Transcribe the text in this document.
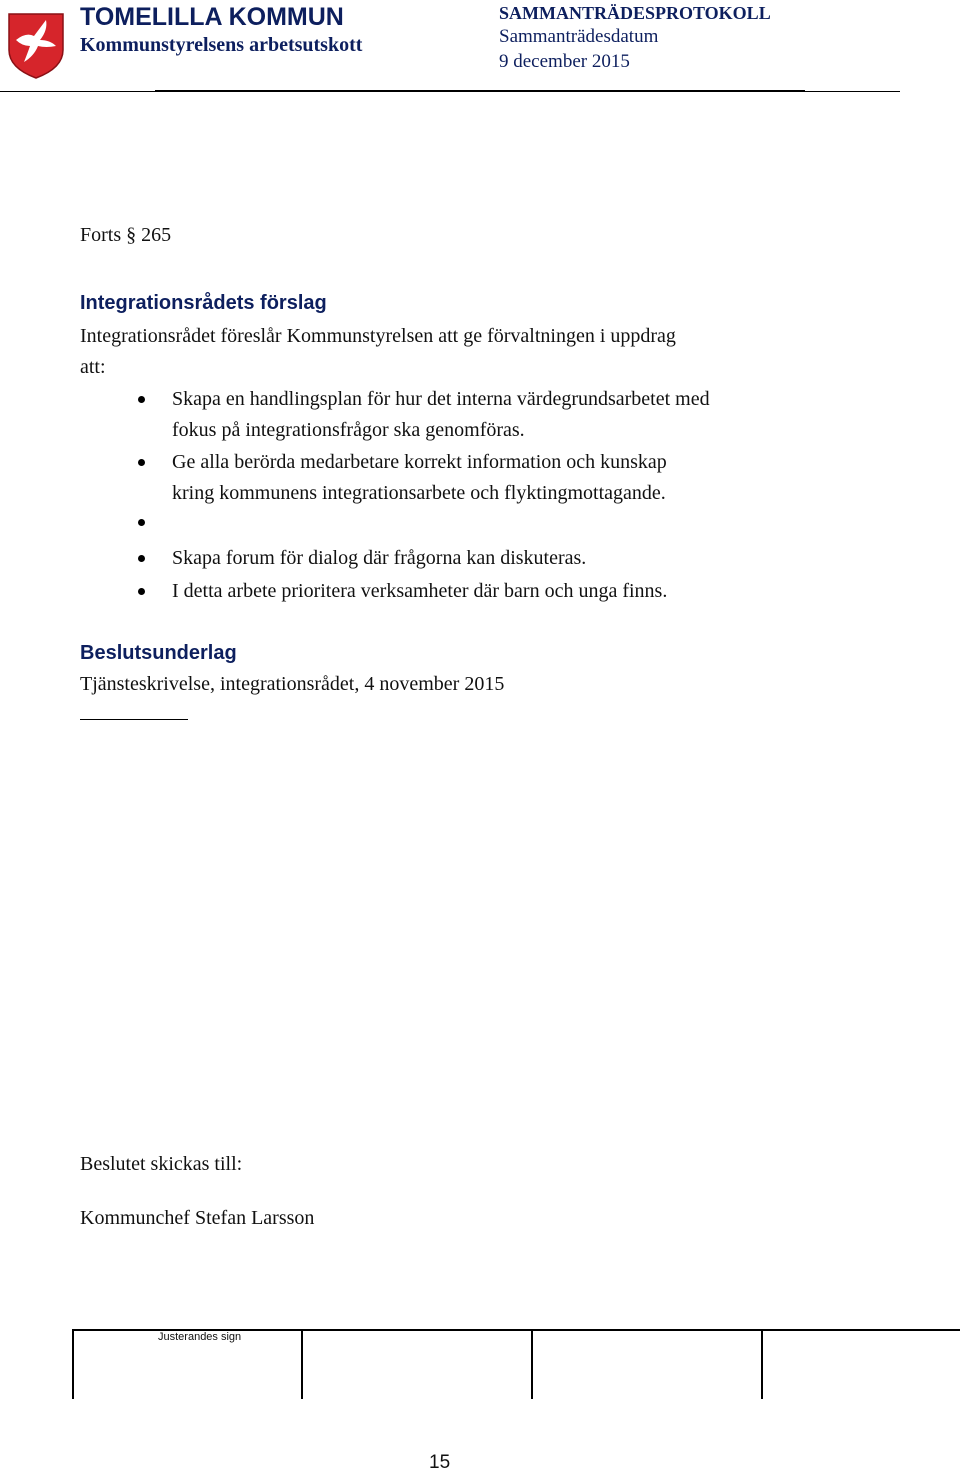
TOMELILLA KOMMUN
Kommunstyrelsens arbetsutskott
SAMMANTRÄDESPROTOKOLL
Sammanträdesdatum
9 december 2015
Forts § 265
Integrationsrådets förslag
Integrationsrådet föreslår Kommunstyrelsen att ge förvaltningen i uppdrag
att:
Skapa en handlingsplan för hur det interna värdegrundsarbetet med
fokus på integrationsfrågor ska genomföras.
Ge alla berörda medarbetare korrekt information och kunskap
kring kommunens integrationsarbete och flyktingmottagande.
Skapa forum för dialog där frågorna kan diskuteras.
I detta arbete prioritera verksamheter där barn och unga finns.
Beslutsunderlag
Tjänsteskrivelse, integrationsrådet, 4 november 2015
Beslutet skickas till:
Kommunchef Stefan Larsson
Justerandes sign
15
